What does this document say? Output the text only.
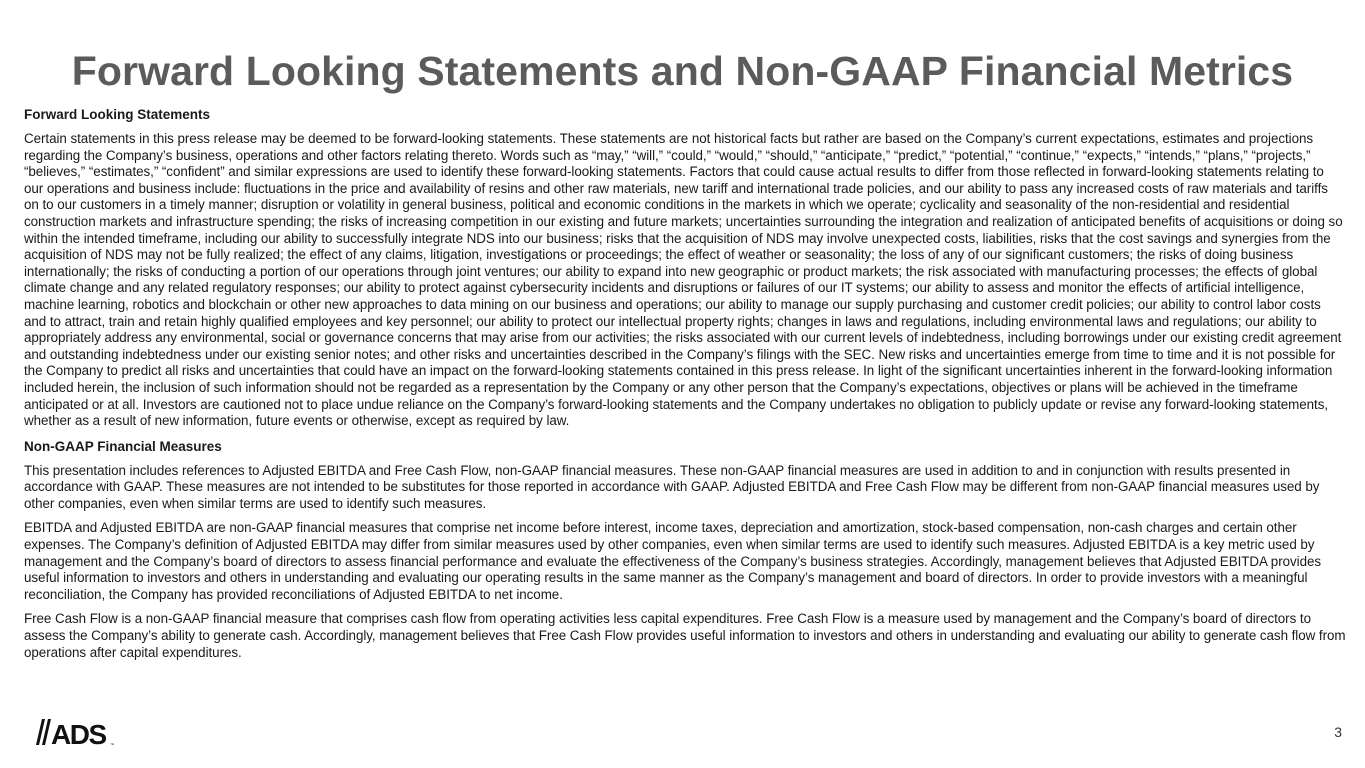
Forward Looking Statements and Non-GAAP Financial Metrics
Forward Looking Statements

Certain statements in this press release may be deemed to be forward-looking statements. These statements are not historical facts but rather are based on the Company’s current expectations, estimates and projections regarding the Company’s business, operations and other factors relating thereto. Words such as “may,” “will,” “could,” “would,” “should,” “anticipate,” “predict,” “potential,” “continue,” “expects,” “intends,” “plans,” “projects,” “believes,” “estimates,” “confident” and similar expressions are used to identify these forward-looking statements. Factors that could cause actual results to differ from those reflected in forward-looking statements relating to our operations and business include: fluctuations in the price and availability of resins and other raw materials, new tariff and international trade policies, and our ability to pass any increased costs of raw materials and tariffs on to our customers in a timely manner; disruption or volatility in general business, political and economic conditions in the markets in which we operate; cyclicality and seasonality of the non-residential and residential construction markets and infrastructure spending; the risks of increasing competition in our existing and future markets; uncertainties surrounding the integration and realization of anticipated benefits of acquisitions or doing so within the intended timeframe, including our ability to successfully integrate NDS into our business; risks that the acquisition of NDS may involve unexpected costs, liabilities, risks that the cost savings and synergies from the acquisition of NDS may not be fully realized; the effect of any claims, litigation, investigations or proceedings; the effect of weather or seasonality; the loss of any of our significant customers; the risks of doing business internationally; the risks of conducting a portion of our operations through joint ventures; our ability to expand into new geographic or product markets; the risk associated with manufacturing processes; the effects of global climate change and any related regulatory responses; our ability to protect against cybersecurity incidents and disruptions or failures of our IT systems; our ability to assess and monitor the effects of artificial intelligence, machine learning, robotics and blockchain or other new approaches to data mining on our business and operations; our ability to manage our supply purchasing and customer credit policies; our ability to control labor costs and to attract, train and retain highly qualified employees and key personnel; our ability to protect our intellectual property rights; changes in laws and regulations, including environmental laws and regulations; our ability to appropriately address any environmental, social or governance concerns that may arise from our activities; the risks associated with our current levels of indebtedness, including borrowings under our existing credit agreement and outstanding indebtedness under our existing senior notes; and other risks and uncertainties described in the Company’s filings with the SEC. New risks and uncertainties emerge from time to time and it is not possible for the Company to predict all risks and uncertainties that could have an impact on the forward-looking statements contained in this press release. In light of the significant uncertainties inherent in the forward-looking information included herein, the inclusion of such information should not be regarded as a representation by the Company or any other person that the Company’s expectations, objectives or plans will be achieved in the timeframe anticipated or at all. Investors are cautioned not to place undue reliance on the Company’s forward-looking statements and the Company undertakes no obligation to publicly update or revise any forward-looking statements, whether as a result of new information, future events or otherwise, except as required by law.

Non-GAAP Financial Measures

This presentation includes references to Adjusted EBITDA and Free Cash Flow, non-GAAP financial measures. These non-GAAP financial measures are used in addition to and in conjunction with results presented in accordance with GAAP. These measures are not intended to be substitutes for those reported in accordance with GAAP. Adjusted EBITDA and Free Cash Flow may be different from non-GAAP financial measures used by other companies, even when similar terms are used to identify such measures.

EBITDA and Adjusted EBITDA are non-GAAP financial measures that comprise net income before interest, income taxes, depreciation and amortization, stock-based compensation, non-cash charges and certain other expenses. The Company’s definition of Adjusted EBITDA may differ from similar measures used by other companies, even when similar terms are used to identify such measures. Adjusted EBITDA is a key metric used by management and the Company’s board of directors to assess financial performance and evaluate the effectiveness of the Company’s business strategies. Accordingly, management believes that Adjusted EBITDA provides useful information to investors and others in understanding and evaluating our operating results in the same manner as the Company’s management and board of directors. In order to provide investors with a meaningful reconciliation, the Company has provided reconciliations of Adjusted EBITDA to net income.

Free Cash Flow is a non-GAAP financial measure that comprises cash flow from operating activities less capital expenditures. Free Cash Flow is a measure used by management and the Company’s board of directors to assess the Company’s ability to generate cash. Accordingly, management believes that Free Cash Flow provides useful information to investors and others in understanding and evaluating our ability to generate cash flow from operations after capital expenditures.

ADS ™
3
